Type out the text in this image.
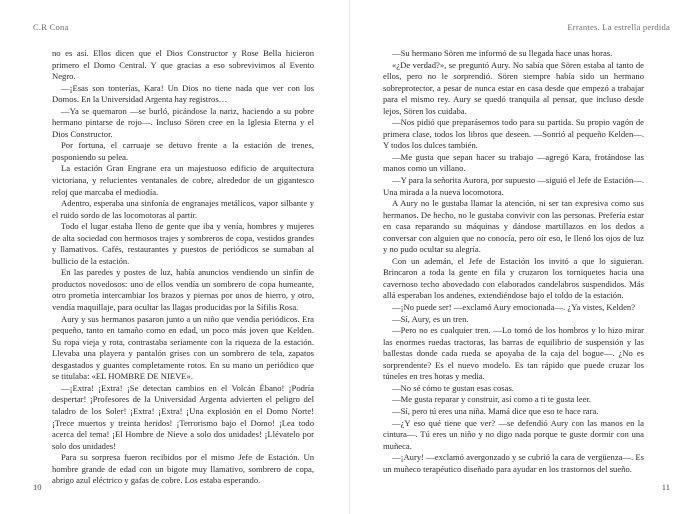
C.R Cona

no es así. Ellos dicen que el Dios Constructor y Rose Bella hicieron primero el Domo Central. Y que gracias a eso sobrevivimos al Evento Negro.

—¡Esas son tonterías, Kara! Un Dios no tiene nada que ver con los Domos. En la Universidad Argenta hay registros…

—Ya se quemaron —se burló, picándose la nariz, haciendo a su pobre hermano pintarse de rojo—. Incluso Sören cree en la Iglesia Eterna y el Dios Constructor.

Por fortuna, el carruaje se detuvo frente a la estación de trenes, posponiendo su pelea.

La estación Gran Engrane era un majestuoso edificio de arquitectura victoriana, y relucientes ventanales de cobre, alrededor de un gigantesco reloj que marcaba el mediodía.

Adentro, esperaba una sinfonía de engranajes metálicos, vapor silbante y el ruido sordo de las locomotoras al partir.

Todo el lugar estaba lleno de gente que iba y venía, hombres y mujeres de alta sociedad con hermosos trajes y sombreros de copa, vestidos grandes y llamativos. Cafés, restaurantes y puestos de periódicos se sumaban al bullicio de la estación.

En las paredes y postes de luz, había anuncios vendiendo un sinfín de productos novedosos: uno de ellos vendía un sombrero de copa humeante, otro prometía intercambiar los brazos y piernas por unos de hierro, y otro, vendía maquillaje, para ocultar las llagas producidas por la Sífilis Rosa.

Aury y sus hermanos pasaron junto a un niño que vendía periódicos. Era pequeño, tanto en tamaño como en edad, un poco más joven que Kelden. Su ropa vieja y rota, contrastaba seriamente con la riqueza de la estación. Llevaba una playera y pantalón grises con un sombrero de tela, zapatos desgastados y guantes completamente rotos. En su mano un periódico que se titulaba: «EL HOMBRE DE NIEVE».

—¡Extra! ¡Extra! ¡Se detectan cambios en el Volcán Ébano! ¡Podría despertar! ¡Profesores de la Universidad Argenta advierten el peligro del taladro de los Soler! ¡Extra! ¡Extra! ¡Una explosión en el Domo Norte! ¡Trece muertos y treinta heridos! ¡Terrorismo bajo el Domo! ¡Lea todo acerca del tema! ¡El Hombre de Nieve a solo dos unidades! ¡Llévatelo por solo dos unidades!

Para su sorpresa fueron recibidos por el mismo Jefe de Estación. Un hombre grande de edad con un bigote muy llamativo, sombrero de copa, abrigo azul eléctrico y gafas de cobre. Los estaba esperando.

10
Errantes. La estrella perdida

—Su hermano Sören me informó de su llegada hace unas horas.

«¿De verdad?», se preguntó Aury. No sabía que Sören estaba al tanto de ellos, pero no le sorprendió. Sören siempre había sido un hermano sobreprotector, a pesar de nunca estar en casa desde que empezó a trabajar para el mismo rey. Aury se quedó tranquila al pensar, que incluso desde lejos, Sören los cuidaba.

—Nos pidió que preparásemos todo para su partida. Su propio vagón de primera clase, todos los libros que deseen. —Sonrió al pequeño Kelden—. Y todos los dulces también.

—Me gusta que sepan hacer su trabajo —agregó Kara, frotándose las manos como un villano.

—Y para la señorita Aurora, por supuesto —siguió el Jefe de Estación—. Una mirada a la nueva locomotora.

A Aury no le gustaba llamar la atención, ni ser tan expresiva como sus hermanos. De hecho, no le gustaba convivir con las personas. Prefería estar en casa reparando su máquinas y dándose martillazos en los dedos a conversar con alguien que no conocía, pero oír eso, le llenó los ojos de luz y no pudo ocultar su alegría.

Con un ademán, el Jefe de Estación los invitó a que lo siguieran. Brincaron a toda la gente en fila y cruzaron los torniquetes hacia una cavernoso techo abovedado con elaborados candelabros suspendidos. Más allá esperaban los andenes, extendiéndose bajo el toldo de la estación.

—¡No puede ser! —exclamó Aury emocionada—. ¿Ya vistes, Kelden?

—Sí, Aury, es un tren.

—Pero no es cualquier tren. —Lo tomó de los hombros y lo hizo mirar las enormes ruedas tractoras, las barras de equilibrio de suspensión y las ballestas donde cada rueda se apoyaba de la caja del bogue—. ¿No es sorprendente? Es el nuevo modelo. Es tan rápido que puede cruzar los túneles en tres horas y media.

—No sé cómo te gustan esas cosas.

—Me gusta reparar y construir, así como a ti te gusta leer.

—Sí, pero tú eres una niña. Mamá dice que eso te hace rara.

—¿Y eso qué tiene que ver? —se defendió Aury con las manos en la cintura—. Tú eres un niño y no digo nada porque te guste dormir con una muñeca.

—¡Aury! —exclamó avergonzado y se cubrió la cara de vergüenza—. Es un muñeco terapéutico diseñado para ayudar en los trastornos del sueño.

11
